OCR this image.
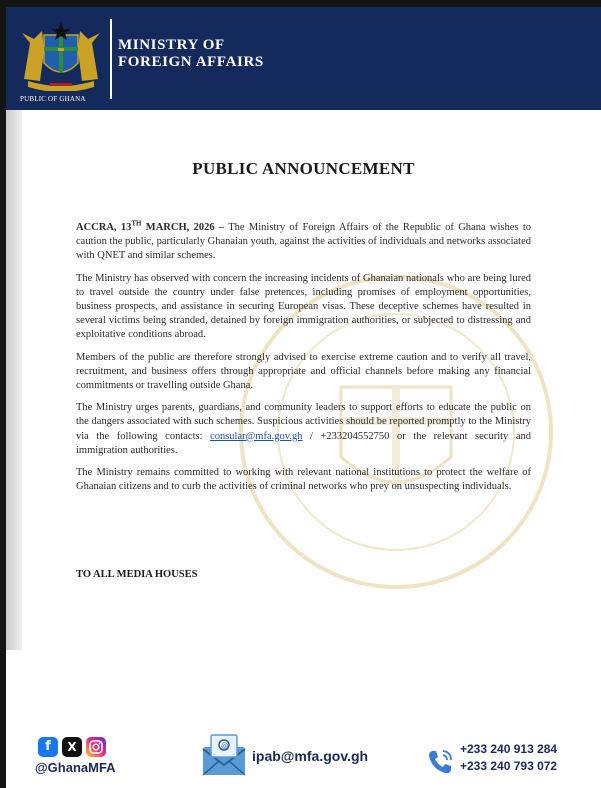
PUBLIC OF GHANA
MINISTRY OF
FOREIGN AFFAIRS
PUBLIC ANNOUNCEMENT

ACCRA, 13TH MARCH, 2026 – The Ministry of Foreign Affairs of the Republic of Ghana wishes to caution the public, particularly Ghanaian youth, against the activities of individuals and networks associated with QNET and similar schemes.

The Ministry has observed with concern the increasing incidents of Ghanaian nationals who are being lured to travel outside the country under false pretences, including promises of employment opportunities, business prospects, and assistance in securing European visas. These deceptive schemes have resulted in several victims being stranded, detained by foreign immigration authorities, or subjected to distressing and exploitative conditions abroad.

Members of the public are therefore strongly advised to exercise extreme caution and to verify all travel, recruitment, and business offers through appropriate and official channels before making any financial commitments or travelling outside Ghana.

The Ministry urges parents, guardians, and community leaders to support efforts to educate the public on the dangers associated with such schemes. Suspicious activities should be reported promptly to the Ministry via the following contacts: consular@mfa.gov.gh / +233204552750 or the relevant security and immigration authorities.

The Ministry remains committed to working with relevant national institutions to protect the welfare of Ghanaian citizens and to curb the activities of criminal networks who prey on unsuspecting individuals.

TO ALL MEDIA HOUSES
f	X
@GhanaMFA
@
ipab@mfa.gov.gh	+233 240 913 284
+233 240 793 072
